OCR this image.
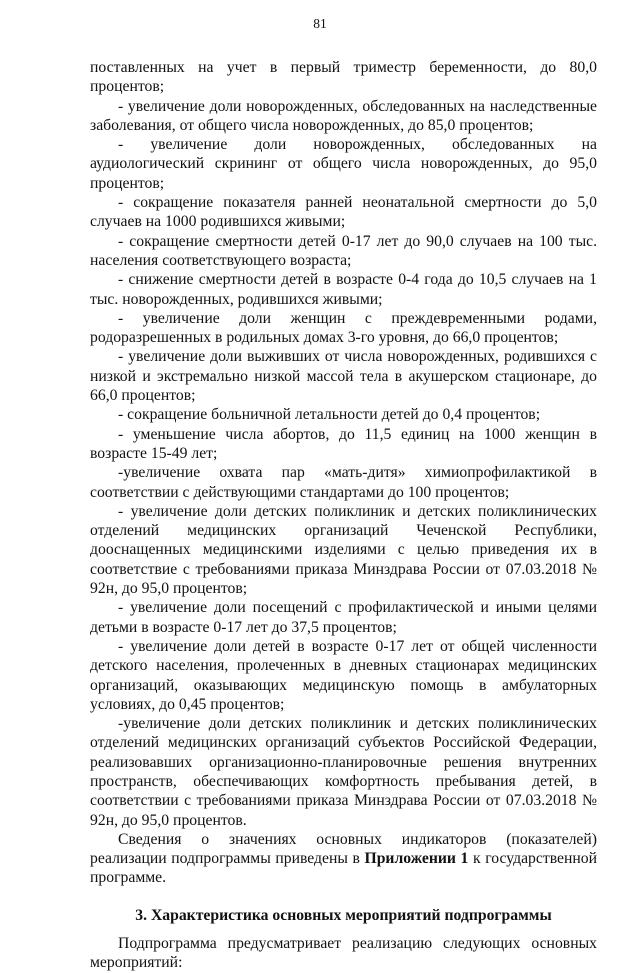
81

поставленных на учет в первый триместр беременности, до 80,0 процентов;

- увеличение доли новорожденных, обследованных на наследственные заболевания, от общего числа новорожденных, до 85,0 процентов;

- увеличение доли новорожденных, обследованных на аудиологический скрининг от общего числа новорожденных, до 95,0 процентов;

- сокращение показателя ранней неонатальной смертности до 5,0 случаев на 1000 родившихся живыми;

- сокращение смертности детей 0-17 лет до 90,0 случаев на 100 тыс. населения соответствующего возраста;

- снижение смертности детей в возрасте 0-4 года до 10,5 случаев на 1 тыс. новорожденных, родившихся живыми;

- увеличение доли женщин с преждевременными родами, родоразрешенных в родильных домах 3-го уровня, до 66,0 процентов;

- увеличение доли выживших от числа новорожденных, родившихся с низкой и экстремально низкой массой тела в акушерском стационаре, до 66,0 процентов;

- сокращение больничной летальности детей до 0,4 процентов;

- уменьшение числа абортов, до 11,5 единиц на 1000 женщин в возрасте 15-49 лет;

-увеличение охвата пар «мать-дитя» химиопрофилактикой в соответствии с действующими стандартами до 100 процентов;

- увеличение доли детских поликлиник и детских поликлинических отделений медицинских организаций Чеченской Республики, дооснащенных медицинскими изделиями с целью приведения их в соответствие с требованиями приказа Минздрава России от 07.03.2018 № 92н, до 95,0 процентов;

- увеличение доли посещений с профилактической и иными целями детьми в возрасте 0-17 лет до 37,5 процентов;

- увеличение доли детей в возрасте 0-17 лет от общей численности детского населения, пролеченных в дневных стационарах медицинских организаций, оказывающих медицинскую помощь в амбулаторных условиях, до 0,45 процентов;

-увеличение доли детских поликлиник и детских поликлинических отделений медицинских организаций субъектов Российской Федерации, реализовавших организационно-планировочные решения внутренних пространств, обеспечивающих комфортность пребывания детей, в соответствии с требованиями приказа Минздрава России от 07.03.2018 № 92н, до 95,0 процентов.

Сведения о значениях основных индикаторов (показателей) реализации подпрограммы приведены в Приложении 1 к государственной программе.

3. Характеристика основных мероприятий подпрограммы

Подпрограмма предусматривает реализацию следующих основных мероприятий:
